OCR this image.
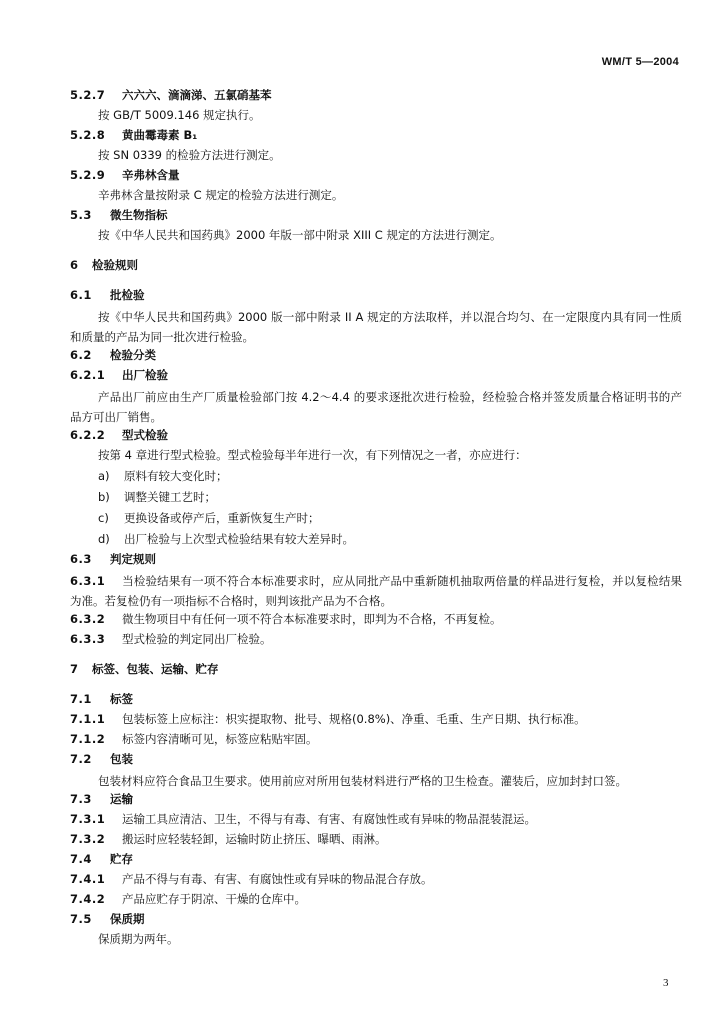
WM/T 5—2004
5.2.7	六六六、滴滴涕、五氯硝基苯
按 GB/T 5009.146 规定执行。
5.2.8	黄曲霉毒素 B₁
按 SN 0339 的检验方法进行测定。
5.2.9	辛弗林含量
辛弗林含量按附录 C 规定的检验方法进行测定。
5.3	微生物指标
按《中华人民共和国药典》2000 年版一部中附录 XIII C 规定的方法进行测定。
6	检验规则
6.1	批检验
按《中华人民共和国药典》2000 版一部中附录 II A 规定的方法取样，并以混合均匀、在一定限度内具有同一性质和质量的产品为同一批次进行检验。
6.2	检验分类
6.2.1	出厂检验
产品出厂前应由生产厂质量检验部门按 4.2～4.4 的要求逐批次进行检验，经检验合格并签发质量合格证明书的产品方可出厂销售。
6.2.2	型式检验
按第 4 章进行型式检验。型式检验每半年进行一次，有下列情况之一者，亦应进行：
a)	原料有较大变化时；
b)	调整关键工艺时；
c)	更换设备或停产后，重新恢复生产时；
d)	出厂检验与上次型式检验结果有较大差异时。
6.3	判定规则
6.3.1 当检验结果有一项不符合本标准要求时，应从同批产品中重新随机抽取两倍量的样品进行复检，并以复检结果为准。若复检仍有一项指标不合格时，则判该批产品为不合格。
6.3.2	微生物项目中有任何一项不符合本标准要求时，即判为不合格，不再复检。
6.3.3	型式检验的判定同出厂检验。
7	标签、包装、运输、贮存
7.1	标签
7.1.1	包装标签上应标注：枳实提取物、批号、规格(0.8%)、净重、毛重、生产日期、执行标准。
7.1.2	标签内容清晰可见，标签应粘贴牢固。
7.2	包装
包装材料应符合食品卫生要求。使用前应对所用包装材料进行严格的卫生检查。灌装后，应加封封口签。
7.3	运输
7.3.1	运输工具应清洁、卫生，不得与有毒、有害、有腐蚀性或有异味的物品混装混运。
7.3.2	搬运时应轻装轻卸，运输时防止挤压、曝晒、雨淋。
7.4	贮存
7.4.1	产品不得与有毒、有害、有腐蚀性或有异味的物品混合存放。
7.4.2	产品应贮存于阴凉、干燥的仓库中。
7.5	保质期
保质期为两年。
3
